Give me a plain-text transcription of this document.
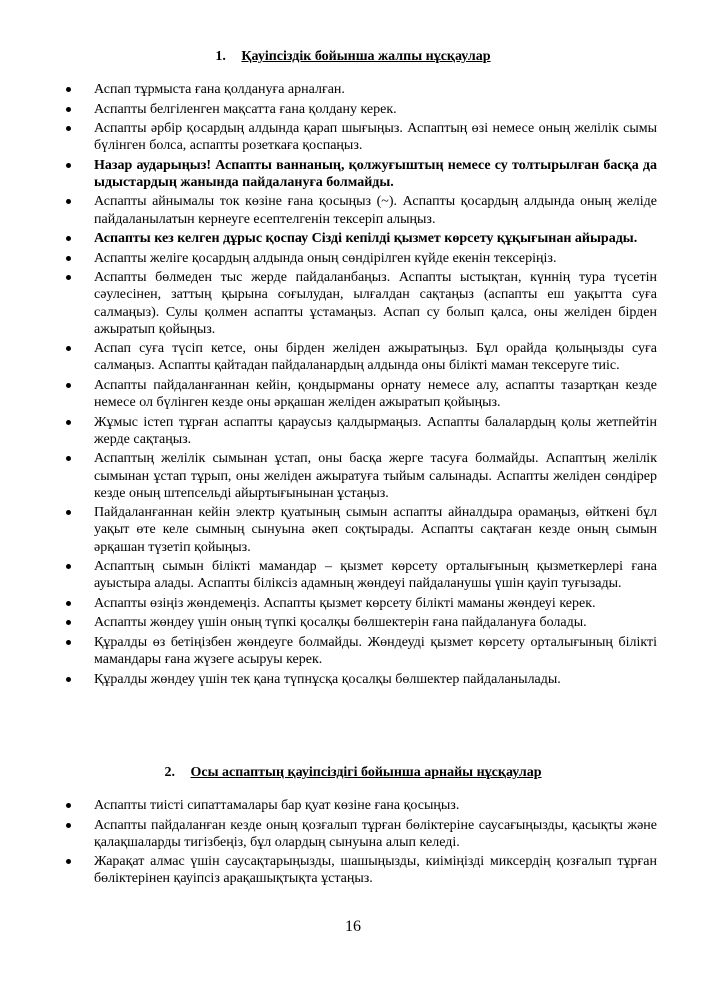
1. Қауіпсіздік бойынша жалпы нұсқаулар
Аспап тұрмыста ғана қолдануға арналған.
Аспапты белгіленген мақсатта ғана қолдану керек.
Аспапты әрбір қосардың алдында қарап шығыңыз. Аспаптың өзі немесе оның желілік сымы бүлінген болса, аспапты розеткаға қоспаңыз.
Назар аударыңыз! Аспапты ваннаның, қолжуғыштың немесе су толтырылған басқа да ыдыстардың жанында пайдалануға болмайды.
Аспапты айнымалы ток көзіне ғана қосыңыз (~). Аспапты қосардың алдында оның желіде пайдаланылатын кернеуге есептелгенін тексеріп алыңыз.
Аспапты кез келген дұрыс қоспау Сізді кепілді қызмет көрсету құқығынан айырады.
Аспапты желіге қосардың алдында оның сөндірілген күйде екенін тексеріңіз.
Аспапты бөлмеден тыс жерде пайдаланбаңыз. Аспапты ыстықтан, күннің тура түсетін сәулесінен, заттың қырына соғылудан, ылғалдан сақтаңыз (аспапты еш уақытта суға салмаңыз). Сулы қолмен аспапты ұстамаңыз. Аспап су болып қалса, оны желіден бірден ажыратып қойыңыз.
Аспап суға түсіп кетсе, оны бірден желіден ажыратыңыз. Бұл орайда қолыңызды суға салмаңыз. Аспапты қайтадан пайдаланардың алдында оны білікті маман тексеруге тиіс.
Аспапты пайдаланғаннан кейін, қондырманы орнату немесе алу, аспапты тазартқан кезде немесе ол бүлінген кезде оны әрқашан желіден ажыратып қойыңыз.
Жұмыс істеп тұрған аспапты қараусыз қалдырмаңыз. Аспапты балалардың қолы жетпейтін жерде сақтаңыз.
Аспаптың желілік сымынан ұстап, оны басқа жерге тасуға болмайды. Аспаптың желілік сымынан ұстап тұрып, оны желіден ажыратуға тыйым салынады. Аспапты желіден сөндірер кезде оның штепсельді айыртығынынан ұстаңыз.
Пайдаланғаннан кейін электр қуатының сымын аспапты айналдыра орамаңыз, өйткені бұл уақыт өте келе сымның сынуына әкеп соқтырады. Аспапты сақтаған кезде оның сымын әрқашан түзетіп қойыңыз.
Аспаптың сымын білікті мамандар – қызмет көрсету орталығының қызметкерлері ғана ауыстыра алады. Аспапты біліксіз адамның жөндеуі пайдаланушы үшін қауіп туғызады.
Аспапты өзіңіз жөндемеңіз. Аспапты қызмет көрсету білікті маманы жөндеуі керек.
Аспапты жөндеу үшін оның түпкі қосалқы бөлшектерін ғана пайдалануға болады.
Құралды өз бетіңізбен жөндеуге болмайды. Жөндеуді қызмет көрсету орталығының білікті мамандары ғана жүзеге асыруы керек.
Құралды жөндеу үшін тек қана түпнұсқа қосалқы бөлшектер пайдаланылады.
2. Осы аспаптың қауіпсіздігі бойынша арнайы нұсқаулар
Аспапты тиісті сипаттамалары бар қуат көзіне ғана қосыңыз.
Аспапты пайдаланған кезде оның қозғалып тұрған бөліктеріне саусағыңызды, қасықты және қалақшаларды тигізбеңіз, бұл олардың сынуына алып келеді.
Жарақат алмас үшін саусақтарыңызды, шашыңызды, киіміңізді миксердің қозғалып тұрған бөліктерінен қауіпсіз арақашықтықта ұстаңыз.
16
